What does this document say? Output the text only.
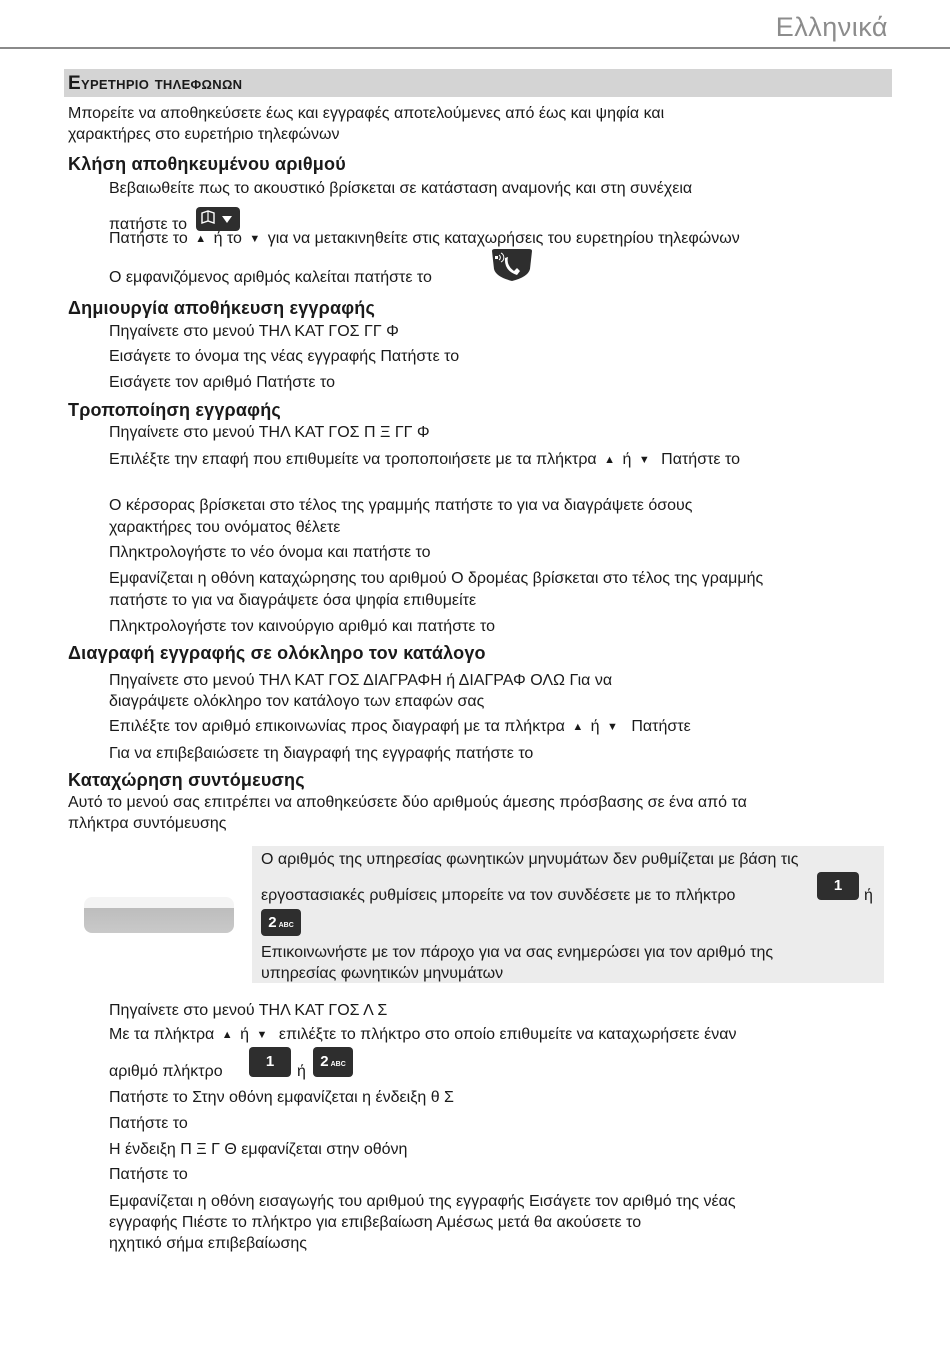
Ελληνικά
Ευρετηριο τηλεφωνων
Μπορείτε να αποθηκεύσετε έως και εγγραφές αποτελούμενες από έως και ψηφία και
χαρακτήρες στο ευρετήριο τηλεφώνων
Κλήση αποθηκευμένου αριθμού
Βεβαιωθείτε πως το ακουστικό βρίσκεται σε κατάσταση αναμονής και στη συνέχεια
πατήστε το
Πατήστε το ▲ ή το ▼ για να μετακινηθείτε στις καταχωρήσεις του ευρετηρίου τηλεφώνων
Ο εμφανιζόμενος αριθμός καλείται πατήστε το
Δημιουργία αποθήκευση εγγραφής
Πηγαίνετε στο μενού ΤΗΛ ΚΑΤ ΓΟΣ ΓΓ Φ
Εισάγετε το όνομα της νέας εγγραφής Πατήστε το
Εισάγετε τον αριθμό Πατήστε το
Τροποποίηση εγγραφής
Πηγαίνετε στο μενού ΤΗΛ ΚΑΤ ΓΟΣ Π Ξ ΓΓ Φ
Επιλέξτε την επαφή που επιθυμείτε να τροποποιήσετε με τα πλήκτρα ▲ ή ▼ Πατήστε το
Ο κέρσορας βρίσκεται στο τέλος της γραμμής πατήστε το για να διαγράψετε όσους
χαρακτήρες του ονόματος θέλετε
Πληκτρολογήστε το νέο όνομα και πατήστε το
Εμφανίζεται η οθόνη καταχώρησης του αριθμού Ο δρομέας βρίσκεται στο τέλος της γραμμής
πατήστε το για να διαγράψετε όσα ψηφία επιθυμείτε
Πληκτρολογήστε τον καινούργιο αριθμό και πατήστε το
Διαγραφή εγγραφής σε ολόκληρο τον κατάλογο
Πηγαίνετε στο μενού ΤΗΛ ΚΑΤ ΓΟΣ ΔΙΑΓΡΑΦΗ ή ΔΙΑΓΡΑΦ ΟΛΩ Για να
διαγράψετε ολόκληρο τον κατάλογο των επαφών σας
Επιλέξτε τον αριθμό επικοινωνίας προς διαγραφή με τα πλήκτρα ▲ ή ▼ Πατήστε
Για να επιβεβαιώσετε τη διαγραφή της εγγραφής πατήστε το
Καταχώρηση συντόμευσης
Αυτό το μενού σας επιτρέπει να αποθηκεύσετε δύο αριθμούς άμεσης πρόσβασης σε ένα από τα
πλήκτρα συντόμευσης
Ο αριθμός της υπηρεσίας φωνητικών μηνυμάτων δεν ρυθμίζεται με βάση τις
εργοστασιακές ρυθμίσεις μπορείτε να τον συνδέσετε με το πλήκτρο
1
ή
2 ABC
Επικοινωνήστε με τον πάροχο για να σας ενημερώσει για τον αριθμό της
υπηρεσίας φωνητικών μηνυμάτων
Πηγαίνετε στο μενού ΤΗΛ ΚΑΤ ΓΟΣ Λ Σ
Με τα πλήκτρα ▲ ή ▼ επιλέξτε το πλήκτρο στο οποίο επιθυμείτε να καταχωρήσετε έναν
αριθμό πλήκτρο
1
ή
2 ABC
Πατήστε το Στην οθόνη εμφανίζεται η ένδειξη θ Σ
Πατήστε το
Η ένδειξη Π Ξ Γ Θ εμφανίζεται στην οθόνη
Πατήστε το
Εμφανίζεται η οθόνη εισαγωγής του αριθμού της εγγραφής Εισάγετε τον αριθμό της νέας
εγγραφής Πιέστε το πλήκτρο για επιβεβαίωση Αμέσως μετά θα ακούσετε το
ηχητικό σήμα επιβεβαίωσης
